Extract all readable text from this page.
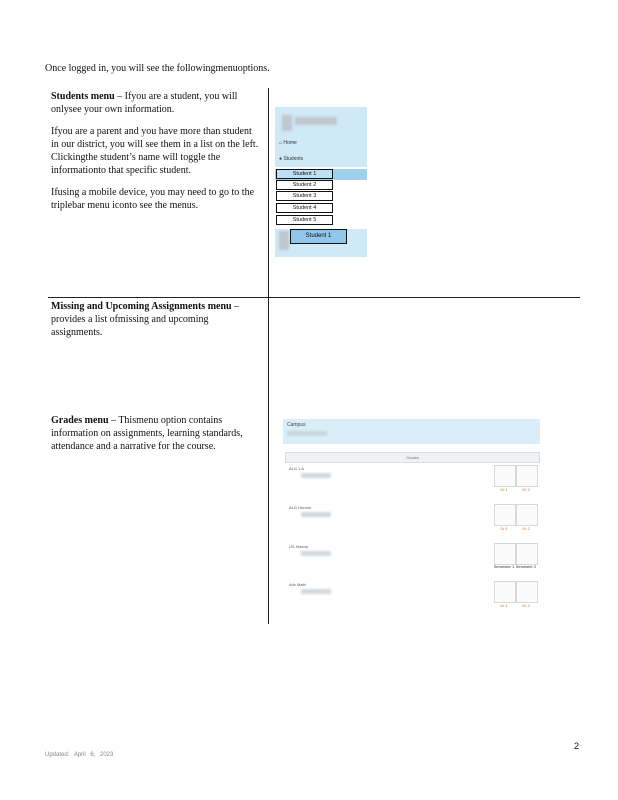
Once logged in, you will see the followingmenuoptions.

Students menu – Ifyou are a student, you will onlysee your own information.

Ifyou are a parent and you have more than student in our district, you will see them in a list on the left. Clickingthe student’s name will toggle the informationto that specific student.

Ifusing a mobile device, you may need to go to the triplebar menu iconto see the menus.

⌂ Home
● Students
Student 1
Student 2
Student 3
Student 4
Student 5
Student 1

Missing and Upcoming Assignments menu – provides a list ofmissing and upcoming assignments.

Grades menu – Thismenu option contains information on assignments, learning standards, attendance and a narrative for the course.

Campus
Grades
ALG 1 A
Gr 1	Gr 2
ALG Honors
Gr 1	Gr 2
US History
Semester 1 Semester 2
Adv Math
Gr 1	Gr 2
2
Updated: April 6, 2023
